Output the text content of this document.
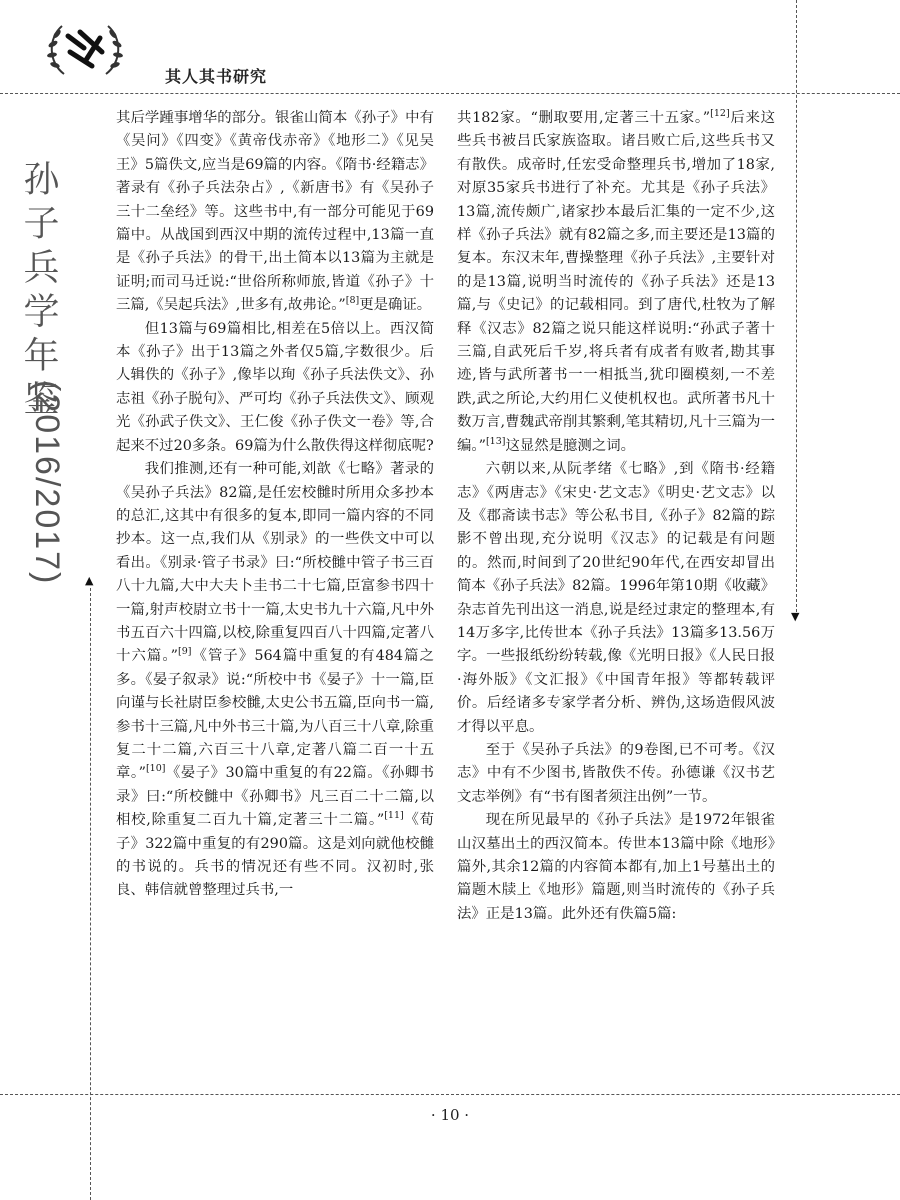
其人其书研究
孙子兵学年鉴
(2016/2017) ▲
▼

其后学踵事增华的部分。银雀山简本《孙子》中有《吴问》《四变》《黄帝伐赤帝》《地形二》《见吴王》5篇佚文,应当是69篇的内容。《隋书·经籍志》著录有《孙子兵法杂占》,《新唐书》有《吴孙子三十二垒经》等。这些书中,有一部分可能见于69篇中。从战国到西汉中期的流传过程中,13篇一直是《孙子兵法》的骨干,出土简本以13篇为主就是证明;而司马迁说:“世俗所称师旅,皆道《孙子》十三篇,《吴起兵法》,世多有,故弗论。”[8]更是确证。

但13篇与69篇相比,相差在5倍以上。西汉简本《孙子》出于13篇之外者仅5篇,字数很少。后人辑佚的《孙子》,像毕以珣《孙子兵法佚文》、孙志祖《孙子脱句》、严可均《孙子兵法佚文》、顾观光《孙武子佚文》、王仁俊《孙子佚文一卷》等,合起来不过20多条。69篇为什么散佚得这样彻底呢?

我们推测,还有一种可能,刘歆《七略》著录的《吴孙子兵法》82篇,是任宏校雠时所用众多抄本的总汇,这其中有很多的复本,即同一篇内容的不同抄本。这一点,我们从《别录》的一些佚文中可以看出。《别录·管子书录》曰:“所校雠中管子书三百八十九篇,大中大夫卜圭书二十七篇,臣富参书四十一篇,射声校尉立书十一篇,太史书九十六篇,凡中外书五百六十四篇,以校,除重复四百八十四篇,定著八十六篇。”[9]《管子》564篇中重复的有484篇之多。《晏子叙录》说:“所校中书《晏子》十一篇,臣向谨与长社尉臣参校雠,太史公书五篇,臣向书一篇,参书十三篇,凡中外书三十篇,为八百三十八章,除重复二十二篇,六百三十八章,定著八篇二百一十五章。”[10]《晏子》30篇中重复的有22篇。《孙卿书录》曰:“所校雠中《孙卿书》凡三百二十二篇,以相校,除重复二百九十篇,定著三十二篇。”[11]《荀子》322篇中重复的有290篇。这是刘向就他校雠的书说的。兵书的情况还有些不同。汉初时,张良、韩信就曾整理过兵书,一

共182家。“删取要用,定著三十五家。”[12]后来这些兵书被吕氏家族盗取。诸吕败亡后,这些兵书又有散佚。成帝时,任宏受命整理兵书,增加了18家,对原35家兵书进行了补充。尤其是《孙子兵法》13篇,流传颇广,诸家抄本最后汇集的一定不少,这样《孙子兵法》就有82篇之多,而主要还是13篇的复本。东汉末年,曹操整理《孙子兵法》,主要针对的是13篇,说明当时流传的《孙子兵法》还是13篇,与《史记》的记载相同。到了唐代,杜牧为了解释《汉志》82篇之说只能这样说明:“孙武子著十三篇,自武死后千岁,将兵者有成者有败者,勘其事迹,皆与武所著书一一相抵当,犹印圈模刻,一不差跌,武之所论,大约用仁义使机权也。武所著书凡十数万言,曹魏武帝削其繁剩,笔其精切,凡十三篇为一编。”[13]这显然是臆测之词。

六朝以来,从阮孝绪《七略》,到《隋书·经籍志》《两唐志》《宋史·艺文志》《明史·艺文志》以及《郡斋读书志》等公私书目,《孙子》82篇的踪影不曾出现,充分说明《汉志》的记载是有问题的。然而,时间到了20世纪90年代,在西安却冒出简本《孙子兵法》82篇。1996年第10期《收藏》杂志首先刊出这一消息,说是经过隶定的整理本,有14万多字,比传世本《孙子兵法》13篇多13.56万字。一些报纸纷纷转载,像《光明日报》《人民日报·海外版》《文汇报》《中国青年报》等都转载评价。后经诸多专家学者分析、辨伪,这场造假风波才得以平息。

至于《吴孙子兵法》的9卷图,已不可考。《汉志》中有不少图书,皆散佚不传。孙德谦《汉书艺文志举例》有“书有图者须注出例”一节。

现在所见最早的《孙子兵法》是1972年银雀山汉墓出土的西汉简本。传世本13篇中除《地形》篇外,其余12篇的内容简本都有,加上1号墓出土的篇题木牍上《地形》篇题,则当时流传的《孙子兵法》正是13篇。此外还有佚篇5篇:

· 10 ·
